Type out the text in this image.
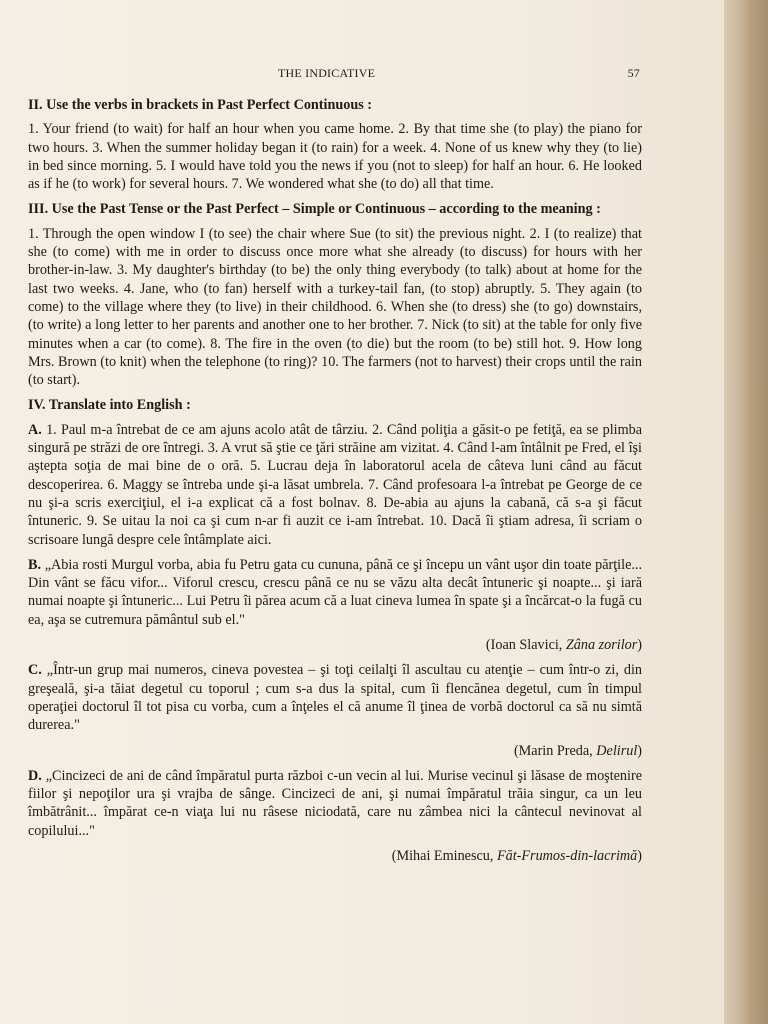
THE INDICATIVE	57
II. Use the verbs in brackets in Past Perfect Continuous :
1. Your friend (to wait) for half an hour when you came home. 2. By that time she (to play) the piano for two hours. 3. When the summer holiday began it (to rain) for a week. 4. None of us knew why they (to lie) in bed since morning. 5. I would have told you the news if you (not to sleep) for half an hour. 6. He looked as if he (to work) for several hours. 7. We wondered what she (to do) all that time.
III. Use the Past Tense or the Past Perfect – Simple or Continuous – according to the meaning :
1. Through the open window I (to see) the chair where Sue (to sit) the previous night. 2. I (to realize) that she (to come) with me in order to discuss once more what she already (to discuss) for hours with her brother-in-law. 3. My daughter's birthday (to be) the only thing everybody (to talk) about at home for the last two weeks. 4. Jane, who (to fan) herself with a turkey-tail fan, (to stop) abruptly. 5. They again (to come) to the village where they (to live) in their childhood. 6. When she (to dress) she (to go) downstairs, (to write) a long letter to her parents and another one to her brother. 7. Nick (to sit) at the table for only five minutes when a car (to come). 8. The fire in the oven (to die) but the room (to be) still hot. 9. How long Mrs. Brown (to knit) when the telephone (to ring)? 10. The farmers (not to harvest) their crops until the rain (to start).
IV. Translate into English :
A. 1. Paul m-a întrebat de ce am ajuns acolo atât de târziu. 2. Când poliţia a găsit-o pe fetiţă, ea se plimba singură pe străzi de ore întregi. 3. A vrut să ştie ce ţări străine am vizitat. 4. Când l-am întâlnit pe Fred, el îşi aştepta soţia de mai bine de o oră. 5. Lucrau deja în laboratorul acela de câteva luni când au făcut descoperirea. 6. Maggy se întreba unde şi-a lăsat umbrela. 7. Când profesoara l-a întrebat pe George de ce nu şi-a scris exerciţiul, el i-a explicat că a fost bolnav. 8. De-abia au ajuns la cabană, că s-a şi făcut întuneric. 9. Se uitau la noi ca şi cum n-ar fi auzit ce i-am întrebat. 10. Dacă îi ştiam adresa, îi scriam o scrisoare lungă despre cele întâmplate aici.
B. „Abia rosti Murgul vorba, abia fu Petru gata cu cununa, până ce şi începu un vânt uşor din toate părţile... Din vânt se făcu vifor... Viforul crescu, crescu până ce nu se văzu alta decât întuneric şi noapte... şi iară numai noapte şi întuneric... Lui Petru îi părea acum că a luat cineva lumea în spate şi a încărcat-o la fugă cu ea, aşa se cutremura pământul sub el."
(Ioan Slavici, Zâna zorilor)
C. „Într-un grup mai numeros, cineva povestea – şi toţi ceilalţi îl ascultau cu atenţie – cum într-o zi, din greşeală, şi-a tăiat degetul cu toporul ; cum s-a dus la spital, cum îi flencănea degetul, cum în timpul operaţiei doctorul îl tot pisa cu vorba, cum a înţeles el că anume îl ţinea de vorbă doctorul ca să nu simtă durerea."
(Marin Preda, Delirul)
D. „Cincizeci de ani de când împăratul purta război c-un vecin al lui. Murise vecinul şi lăsase de moştenire fiilor şi nepoţilor ura şi vrajba de sânge. Cincizeci de ani, şi numai împăratul trăia singur, ca un leu îmbătrânit... împărat ce-n viaţa lui nu râsese niciodată, care nu zâmbea nici la cântecul nevinovat al copilului..."
(Mihai Eminescu, Făt-Frumos-din-lacrimă)
